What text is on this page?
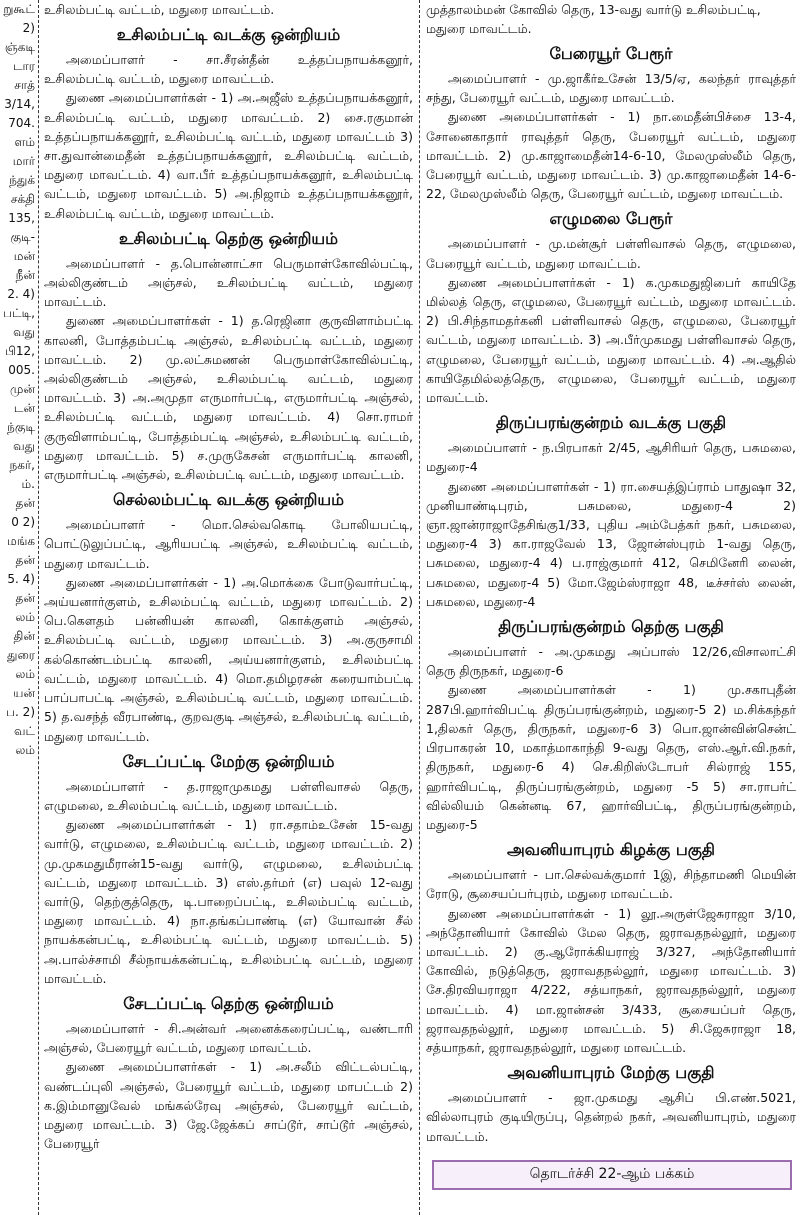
றுகூட்

2)

ஞ்கடி

டார

சாத்

3/14,

704.

ளம்

மார்

ந்துக்

சக்தி

135,

குடி-

மன்

நீன்

2. 4)

பட்டி,

வது

பி12,

005.

முன்

டன்

ந்குடி

வது

நகர்,

ம்.

தன்

0 2)

மங்க

தன்

5. 4)

தன்

லம்

தின்

துரை

லம்

யன்

ப. 2)

வட்

லம்

உசிலம்பட்டி வட்டம், மதுரை மாவட்டம்.

உசிலம்பட்டி வடக்கு ஒன்றியம்

அமைப்பாளர் - சா.சீரன்தீன் உத்தப்பநாயக்கனூர், உசிலம்பட்டி வட்டம், மதுரை மாவட்டம்.

துணை அமைப்பாளர்கள் - 1) அ.அஜீஸ் உத்தப்பநாயக்கனூர், உசிலம்பட்டி வட்டம், மதுரை மாவட்டம். 2) சை.ரகுமான் உத்தப்பநாயக்கனூர், உசிலம்பட்டி வட்டம், மதுரை மாவட்டம் 3) சா.துவான்மைதீன் உத்தப்பநாயக்கனூர், உசிலம்பட்டி வட்டம், மதுரை மாவட்டம். 4) வா.பீர் உத்தப்பநாயக்கனூர், உசிலம்பட்டி வட்டம், மதுரை மாவட்டம். 5) அ.நிஜாம் உத்தப்பநாயக்கனூர், உசிலம்பட்டி வட்டம், மதுரை மாவட்டம்.

உசிலம்பட்டி தெற்கு ஒன்றியம்

அமைப்பாளர் - த.பொன்னாட்சா பெருமாள்கோவில்பட்டி, அல்லிகுண்டம் அஞ்சல், உசிலம்பட்டி வட்டம், மதுரை மாவட்டம்.

துணை அமைப்பாளர்கள் - 1) த.ரெஜினா குருவிளாம்பட்டி காலனி, போத்தம்பட்டி அஞ்சல், உசிலம்பட்டி வட்டம், மதுரை மாவட்டம். 2) மு.லட்சுமணன் பெருமாள்கோவில்பட்டி, அல்லிகுண்டம் அஞ்சல், உசிலம்பட்டி வட்டம், மதுரை மாவட்டம். 3) அ.அமுதா எருமார்பட்டி, எருமார்பட்டி அஞ்சல், உசிலம்பட்டி வட்டம், மதுரை மாவட்டம். 4) சொ.ராமர் குருவிளாம்பட்டி, போத்தம்பட்டி அஞ்சல், உசிலம்பட்டி வட்டம், மதுரை மாவட்டம். 5) ச.முருகேசன் எருமார்பட்டி காலனி, எருமார்பட்டி அஞ்சல், உசிலம்பட்டி வட்டம், மதுரை மாவட்டம்.

செல்லம்பட்டி வடக்கு ஒன்றியம்

அமைப்பாளர் - மொ.செல்வகொடி போலியபட்டி, பொட்டுலுப்பட்டி, ஆரியபட்டி அஞ்சல், உசிலம்பட்டி வட்டம், மதுரை மாவட்டம்.

துணை அமைப்பாளர்கள் - 1) அ.மொக்கை போடுவார்பட்டி, அய்யனார்குளம், உசிலம்பட்டி வட்டம், மதுரை மாவட்டம். 2) பெ.கௌதம் பன்னியன் காலனி, கொக்குளம் அஞ்சல், உசிலம்பட்டி வட்டம், மதுரை மாவட்டம். 3) அ.குருசாமி கல்கொண்டம்பட்டி காலனி, அய்யனார்குளம், உசிலம்பட்டி வட்டம், மதுரை மாவட்டம். 4) மொ.தமிழரசன் கரையாம்பட்டி பாப்பாபட்டி அஞ்சல், உசிலம்பட்டி வட்டம், மதுரை மாவட்டம். 5) த.வசந்த் வீரபாண்டி, குறவகுடி அஞ்சல், உசிலம்பட்டி வட்டம், மதுரை மாவட்டம்.

சேடப்பட்டி மேற்கு ஒன்றியம்

அமைப்பாளர் - த.ராஜாமுகமது பள்ளிவாசல் தெரு, எழுமலை, உசிலம்பட்டி வட்டம், மதுரை மாவட்டம்.

துணை அமைப்பாளர்கள் - 1) ரா.சதாம்உசேன் 15-வது வார்டு, எழுமலை, உசிலம்பட்டி வட்டம், மதுரை மாவட்டம். 2) மு.முகமதுமீரான்15-வது வார்டு, எழுமலை, உசிலம்பட்டி வட்டம், மதுரை மாவட்டம். 3) எஸ்.தர்மர் (எ) பவுல் 12-வது வார்டு, தெற்குத்தெரு, டி.பாறைப்பட்டி, உசிலம்பட்டி வட்டம், மதுரை மாவட்டம். 4) நா.தங்கப்பாண்டி (எ) யோவான் சீல் நாயக்கன்பட்டி, உசிலம்பட்டி வட்டம், மதுரை மாவட்டம். 5) அ.பால்ச்சாமி சீல்நாயக்கன்பட்டி, உசிலம்பட்டி வட்டம், மதுரை மாவட்டம்.

சேடப்பட்டி தெற்கு ஒன்றியம்

அமைப்பாளர் - சி.அன்வர் அனைக்கரைப்பட்டி, வண்டாரி அஞ்சல், பேரையூர் வட்டம், மதுரை மாவட்டம்.

துணை அமைப்பாளர்கள் - 1) அ.சலீம் விட்டல்பட்டி, வண்டப்புலி அஞ்சல், பேரையூர் வட்டம், மதுரை மாபட்டம் 2) க.இம்மானுவேல் மங்கல்ரேவு அஞ்சல், பேரையூர் வட்டம், மதுரை மாவட்டம். 3) ஜே.ஜேக்கப் சாப்டூர், சாப்டூர் அஞ்சல், பேரையூர்

முத்தாலம்மன் கோவில் தெரு, 13-வது வார்டு உசிலம்பட்டி, மதுரை மாவட்டம்.

பேரையூர் பேரூர்

அமைப்பாளர் - மு.ஜாகீர்உசேன் 13/5/ஏ, கலந்தர் ராவுத்தர் சந்து, பேரையூர் வட்டம், மதுரை மாவட்டம்.

துணை அமைப்பாளர்கள் - 1) நா.மைதீன்பிச்சை 13-4, சோனைகாதார் ராவுத்தர் தெரு, பேரையூர் வட்டம், மதுரை மாவட்டம். 2) மு.காஜாமைதீன்14-6-10, மேலமுஸ்லீம் தெரு, பேரையூர் வட்டம், மதுரை மாவட்டம். 3) மு.காஜாமைதீன் 14-6-22, மேலமுஸ்லீம் தெரு, பேரையூர் வட்டம், மதுரை மாவட்டம்.

எழுமலை பேரூர்

அமைப்பாளர் - மு.மன்சூர் பள்ளிவாசல் தெரு, எழுமலை, பேரையூர் வட்டம், மதுரை மாவட்டம்.

துணை அமைப்பாளர்கள் - 1) க.முகமதுஜிபைர் காயிதே மில்லத் தெரு, எழுமலை, பேரையூர் வட்டம், மதுரை மாவட்டம். 2) பி.சிந்தாமதர்கனி பள்ளிவாசல் தெரு, எழுமலை, பேரையூர் வட்டம், மதுரை மாவட்டம். 3) அ.பீர்முகமது பள்ளிவாசல் தெரு, எழுமலை, பேரையூர் வட்டம், மதுரை மாவட்டம். 4) அ.ஆதில் காயிதேமில்லத்தெரு, எழுமலை, பேரையூர் வட்டம், மதுரை மாவட்டம்.

திருப்பரங்குன்றம் வடக்கு பகுதி

அமைப்பாளர் - ந.பிரபாகர் 2/45, ஆசிரியர் தெரு, பசுமலை, மதுரை-4

துணை அமைப்பாளர்கள் - 1) ரா.சையத்இப்ராம் பாதுஷா 32, முனியாண்டிபுரம், பசுமலை, மதுரை-4 2) ஞா.ஜான்ராஜாதேசிங்கு1/33, புதிய அம்பேத்கர் நகர், பசுமலை, மதுரை-4 3) கா.ராஜவேல் 13, ஜோன்ஸ்புரம் 1-வது தெரு, பசுமலை, மதுரை-4 4) ப.ராஜ்குமார் 412, செமினேரி லைன், பசுமலை, மதுரை-4 5) மோ.ஜேம்ஸ்ராஜா 48, டீச்சர்ஸ் லைன், பசுமலை, மதுரை-4

திருப்பரங்குன்றம் தெற்கு பகுதி

அமைப்பாளர் - அ.முகமது அப்பாஸ் 12/26,விசாலாட்சி தெரு திருநகர், மதுரை-6

துணை அமைப்பாளர்கள் - 1) மு.சகாபுதீன் 287பி.ஹார்விபட்டி திருப்பரங்குன்றம், மதுரை-5 2) ம.சிக்கந்தர் 1,திலகர் தெரு, திருநகர், மதுரை-6 3) பொ.ஜான்வின்சென்ட் பிரபாகரன் 10, மகாத்மாகாந்தி 9-வது தெரு, எஸ்.ஆர்.வி.நகர், திருநகர், மதுரை-6 4) செ.கிறிஸ்டோபர் சில்ராஜ் 155, ஹார்விபட்டி, திருப்பரங்குன்றம், மதுரை -5 5) சா.ராபர்ட் வில்லியம் கென்னடி 67, ஹார்விபட்டி, திருப்பரங்குன்றம், மதுரை-5

அவனியாபுரம் கிழக்கு பகுதி

அமைப்பாளர் - பா.செல்வக்குமார் 1இ, சிந்தாமணி மெயின் ரோடு, சூசையப்பர்புரம், மதுரை மாவட்டம்.

துணை அமைப்பாளர்கள் - 1) லூ.அருள்ஜேசுராஜா 3/10, அந்தோனியார் கோவில் மேல தெரு, ஜராவதநல்லூர், மதுரை மாவட்டம். 2) கு.ஆரோக்கியராஜ் 3/327, அந்தோனியார் கோவில், நடுத்தெரு, ஜராவதநல்லூர், மதுரை மாவட்டம். 3) சே.திரவியராஜா 4/222, சத்யாநகர், ஜராவதநல்லூர், மதுரை மாவட்டம். 4) மா.ஜான்சன் 3/433, சூசையப்பர் தெரு, ஜராவதநல்லூர், மதுரை மாவட்டம். 5) சி.ஜேசுராஜா 18, சத்யாநகர், ஜராவதநல்லூர், மதுரை மாவட்டம்.

அவனியாபுரம் மேற்கு பகுதி

அமைப்பாளர் - ஜா.முகமது ஆசிப் பி.எண்.5021, வில்லாபுரம் குடியிருப்பு, தென்றல் நகர், அவனியாபுரம், மதுரை மாவட்டம்.

தொடர்ச்சி 22-ஆம் பக்கம்
